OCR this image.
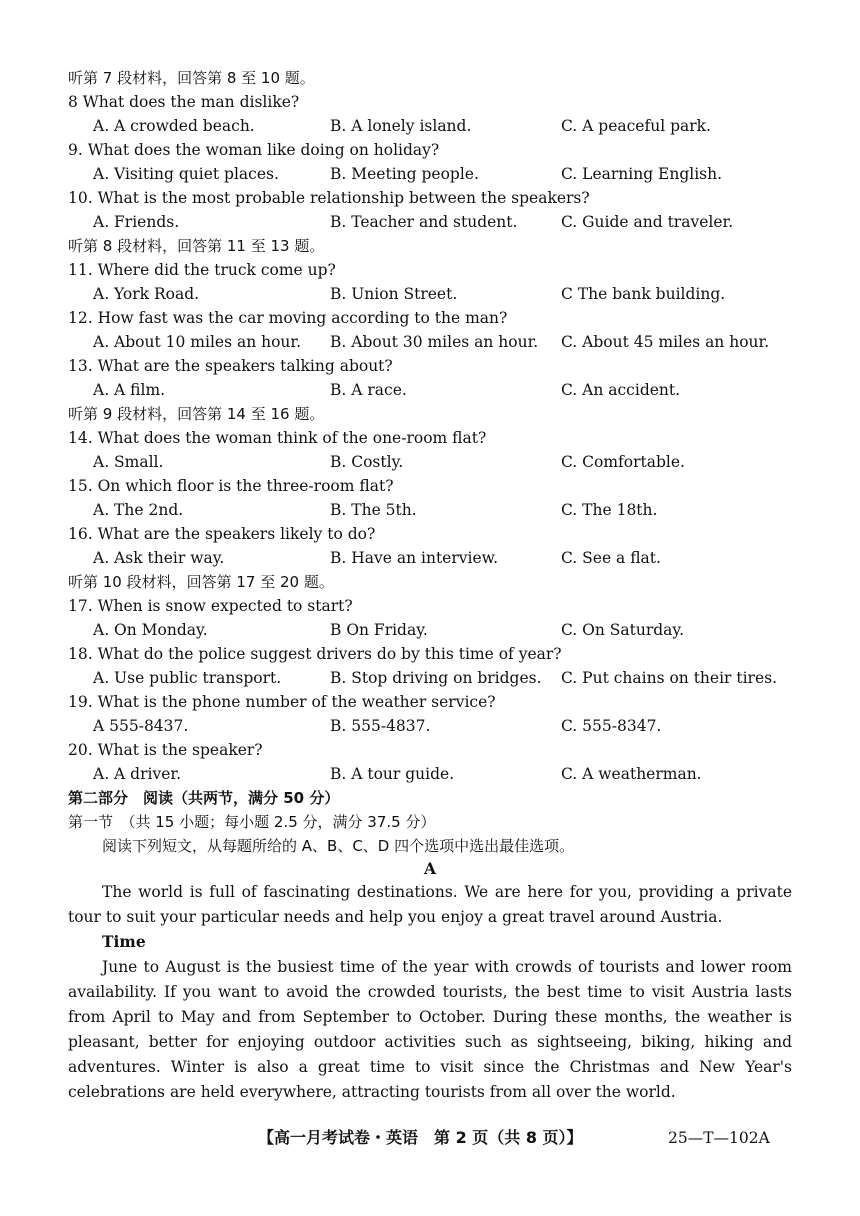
听第 7 段材料，回答第 8 至 10 题。
8 What does the man dislike?
A. A crowded beach.	B. A lonely island.	C. A peaceful park.
9. What does the woman like doing on holiday?
A. Visiting quiet places.	B. Meeting people.	C. Learning English.
10. What is the most probable relationship between the speakers?
A. Friends.	B. Teacher and student.	C. Guide and traveler.
听第 8 段材料，回答第 11 至 13 题。
11. Where did the truck come up?
A. York Road.	B. Union Street.	C The bank building.
12. How fast was the car moving according to the man?
A. About 10 miles an hour. B. About 30 miles an hour. C. About 45 miles an hour.
13. What are the speakers talking about?
A. A film.	B. A race.	C. An accident.
听第 9 段材料，回答第 14 至 16 题。
14. What does the woman think of the one-room flat?
A. Small.	B. Costly.	C. Comfortable.
15. On which floor is the three-room flat?
A. The 2nd.	B. The 5th.	C. The 18th.
16. What are the speakers likely to do?
A. Ask their way.	B. Have an interview.	C. See a flat.
听第 10 段材料，回答第 17 至 20 题。
17. When is snow expected to start?
A. On Monday.	B On Friday.	C. On Saturday.
18. What do the police suggest drivers do by this time of year?
A. Use public transport.	B. Stop driving on bridges. C. Put chains on their tires.
19. What is the phone number of the weather service?
A 555-8437.	B. 555-4837.	C. 555-8347.
20. What is the speaker?
A. A driver.	B. A tour guide.	C. A weatherman.
第二部分　阅读（共两节，满分 50 分）
第一节　（共 15 小题；每小题 2.5 分，满分 37.5 分）
阅读下列短文，从每题所给的 A、B、C、D 四个选项中选出最佳选项。
A
The world is full of fascinating destinations. We are here for you, providing a private tour to suit your particular needs and help you enjoy a great travel around Austria.
Time
June to August is the busiest time of the year with crowds of tourists and lower room availability. If you want to avoid the crowded tourists, the best time to visit Austria lasts from April to May and from September to October. During these months, the weather is pleasant, better for enjoying outdoor activities such as sightseeing, biking, hiking and adventures. Winter is also a great time to visit since the Christmas and New Year's celebrations are held everywhere, attracting tourists from all over the world.
【高一月考试卷・英语　第 2 页（共 8 页）】	25—T—102A
